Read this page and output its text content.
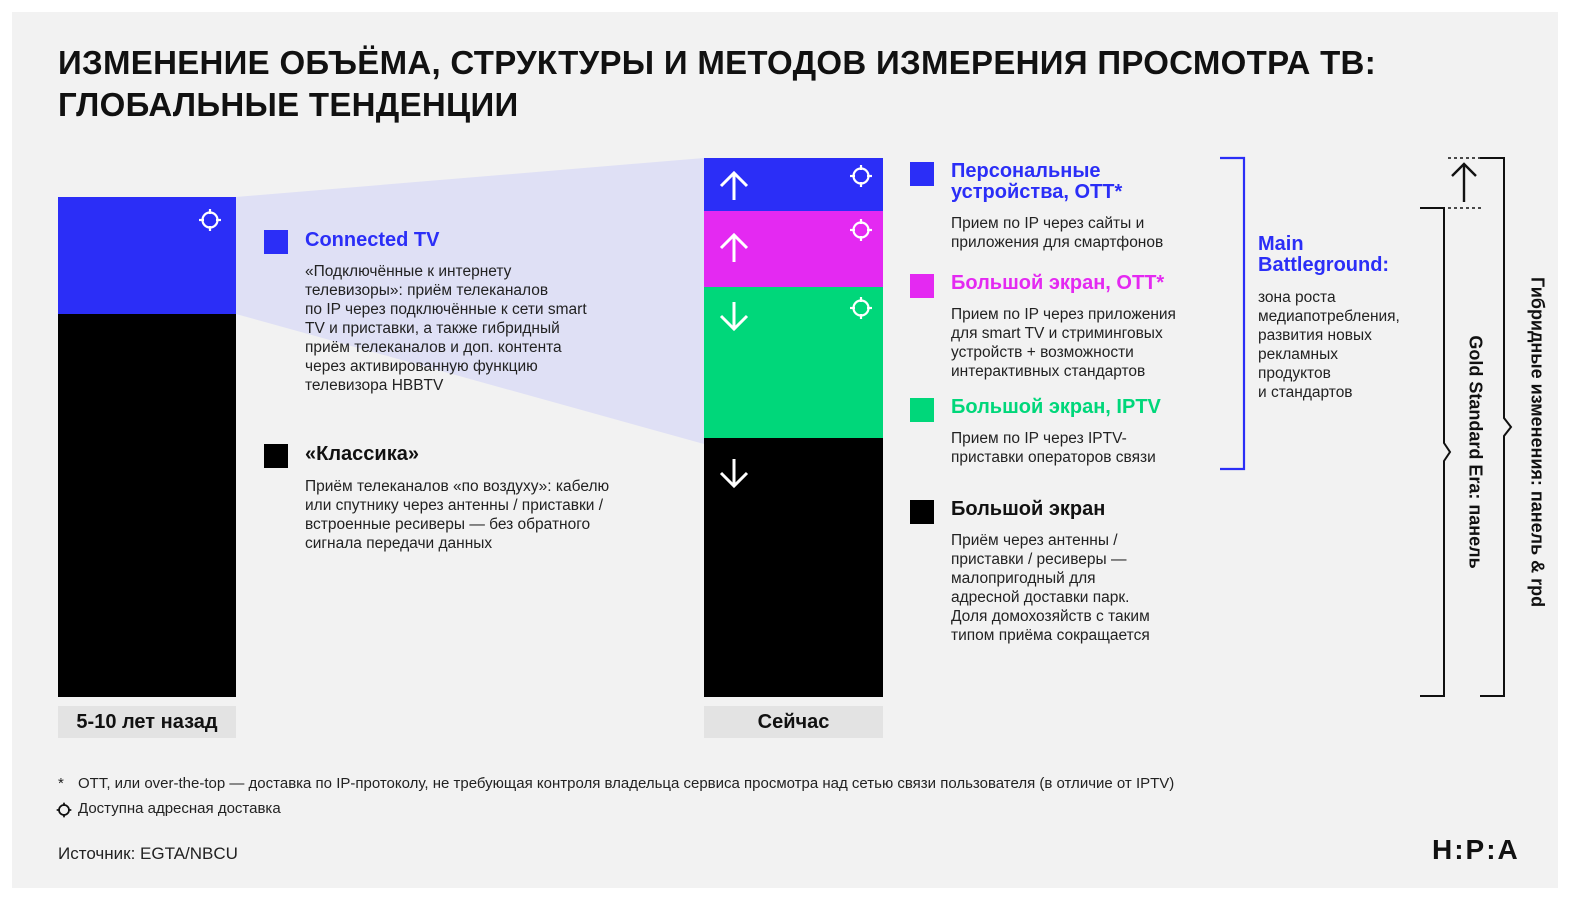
ИЗМЕНЕНИЕ ОБЪЁМА, СТРУКТУРЫ И МЕТОДОВ ИЗМЕРЕНИЯ ПРОСМОТРА ТВ:
ГЛОБАЛЬНЫЕ ТЕНДЕНЦИИ
5-10 лет назад	Сейчас
Connected TV
«Подключённые к интернету
телевизоры»: приём телеканалов
по IP через подключённые к сети smart
TV и приставки, а также гибридный
приём телеканалов и доп. контента
через активированную функцию
телевизора HBBTV
«Классика»
Приём телеканалов «по воздуху»: кабелю
или спутнику через антенны / приставки /
встроенные ресиверы — без обратного
сигнала передачи данных
Персональные
устройства, OTT*
Прием по IP через сайты и
приложения для смартфонов
Большой экран, OTT*
Прием по IP через приложения
для smart TV и стриминговых
устройств + возможности
интерактивных стандартов
Большой экран, IPTV
Прием по IP через IPTV-
приставки операторов связи
Большой экран
Приём через антенны /
приставки / ресиверы —
малопригодный для
адресной доставки парк.
Доля домохозяйств с таким
типом приёма сокращается
Main
Battleground:
зона роста
медиапотребления,
развития новых
рекламных
продуктов
и стандартов	Gold Standard Era: панель Гибридные изменения: панель & rpd
* OTT, или over-the-top — доставка по IP-протоколу, не требующая контроля владельца сервиса просмотра над сетью связи пользователя (в отличие от IPTV)
Доступна адресная доставка
Источник: EGTA/NBCU	H:P:A
